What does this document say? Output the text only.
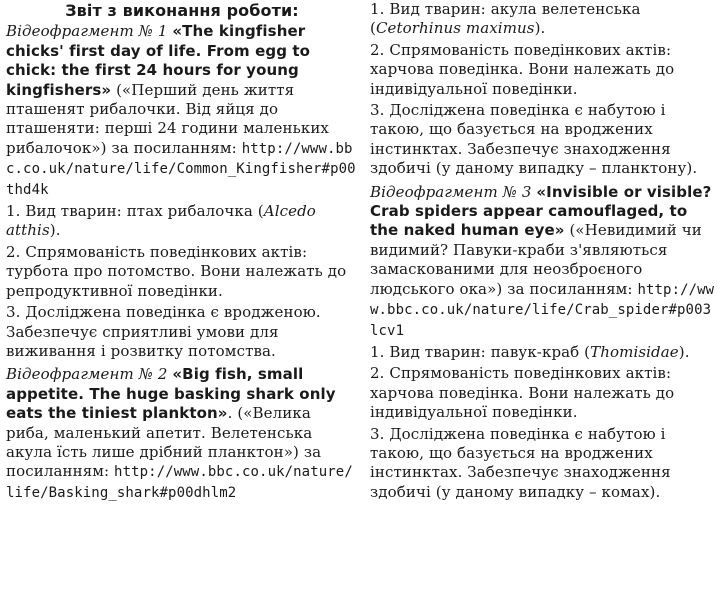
Звіт з виконання роботи:
Відеофрагмент № 1 «The kingfisher chicks' first day of life. From egg to chick: the first 24 hours for young kingfishers» («Перший день життя пташенят рибалочки. Від яйця до пташеняти: перші 24 години маленьких рибалочок») за посиланням: http://www.bbc.co.uk/nature/life/Common_Kingfisher#p00thd4k
1. Вид тварин: птах рибалочка (Alcedo atthis).
2. Спрямованість поведінкових актів: турбота про потомство. Вони належать до репродуктивної поведінки.
3. Досліджена поведінка є вродженою. Забезпечує сприятливі умови для виживання і розвитку потомства.
Відеофрагмент № 2 «Big fish, small appetite. The huge basking shark only eats the tiniest plankton». («Велика риба, маленький апетит. Велетенська акула їсть лише дрібний планктон») за посиланням: http://www.bbc.co.uk/nature/life/Basking_shark#p00dhlm2
1. Вид тварин: акула велетенська (Cetorhinus maximus).
2. Спрямованість поведінкових актів: харчова поведінка. Вони належать до індивідуальної поведінки.
3. Досліджена поведінка є набутою і такою, що базується на вроджених інстинктах. Забезпечує знаходження здобичі (у даному випадку – планктону).
Відеофрагмент № 3 «Invisible or visible? Crab spiders appear camouflaged, to the naked human eye» («Невидимий чи видимий? Павуки-краби з'являються замаскованими для неозброєного людського ока») за посиланням: http://www.bbc.co.uk/nature/life/Crab_spider#p003lcv1
1. Вид тварин: павук-краб (Thomisidae).
2. Спрямованість поведінкових актів: харчова поведінка. Вони належать до індивідуальної поведінки.
3. Досліджена поведінка є набутою і такою, що базується на вроджених інстинктах. Забезпечує знаходження здобичі (у даному випадку – комах).
